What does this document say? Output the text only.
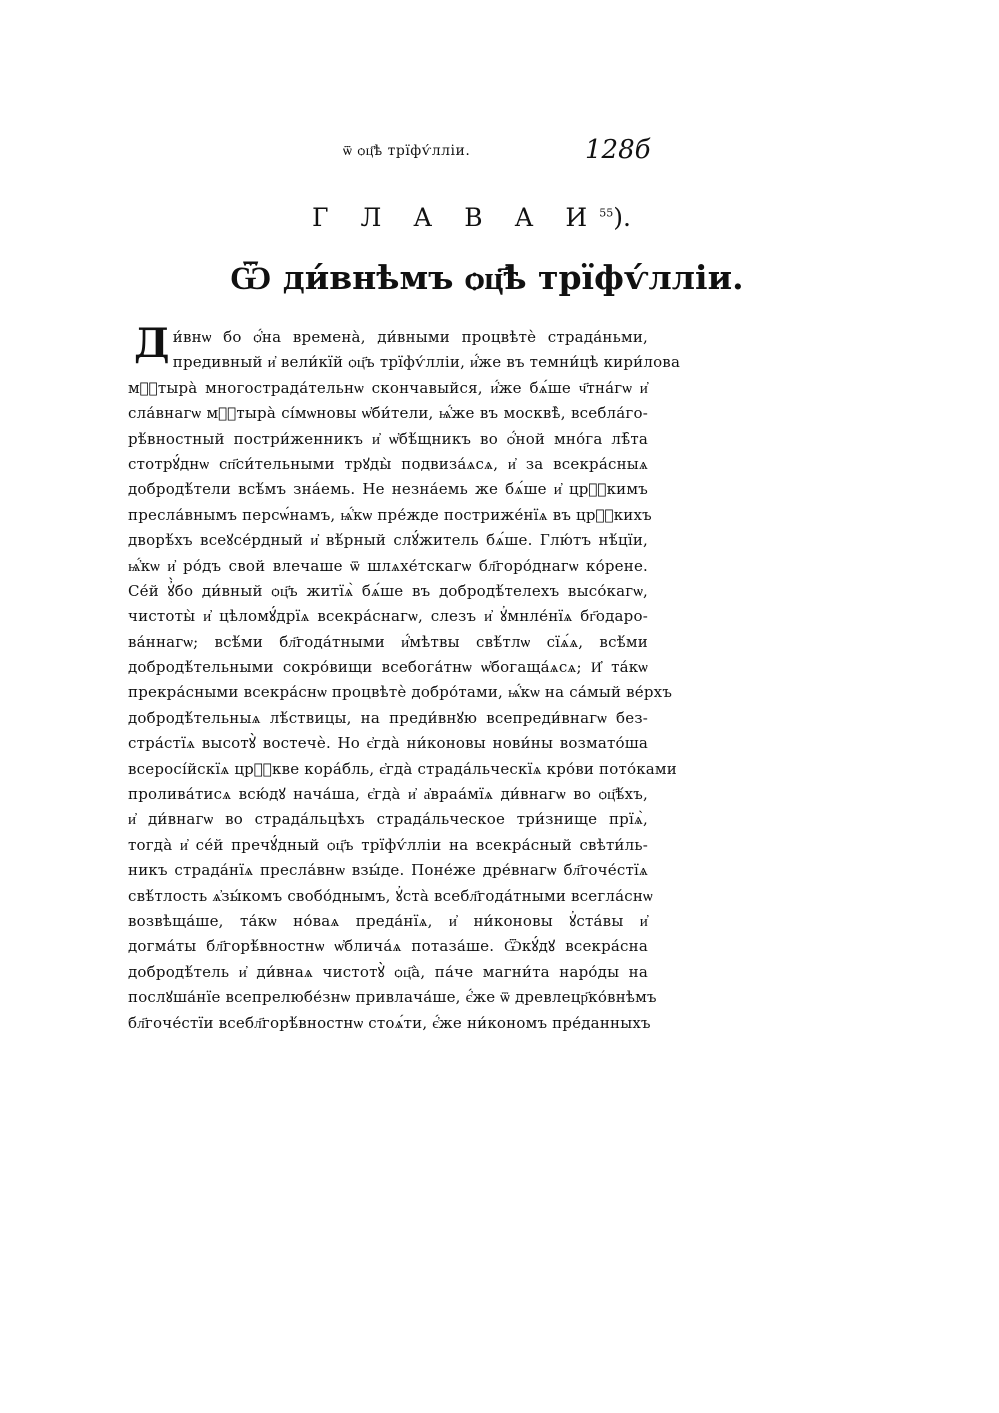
ѿ ѻц҃ѣ трїфѵ́лліи.	128б
Г Л А В А $И^{55}$).
Ѿ ди́внѣмъ ѻц҃ѣ трїфѵ́лліи.
Ди́внѡ бо ѻ҆́на времена̀, ди́вными процвѣтѐ страда́ньми,
предивный и҆ вели́кїй ѻц҃ъ трїфѵ́лліи, и҆́же въ темни́цѣ кири́лова
мⷭ҇тыра̀ многострада́тельнѡ скончавыйся, и҆́же бѧ́ше ч҃тна́гѡ и҆
сла́внагѡ мⷭ҇тыра̀ сі́мѡновы ѡ҆би́тели, ѩ҆́же въ москвѣ̀, всебла́го-
рѣ́вностный постри́женникъ и҆ ѡ҆бѣ́щникъ во ѻ҆́ной мно́га лѣ̑та
стотрꙋ́днѡ сп҃си́тельными трꙋды̀ подвиза́ѧсѧ, и҆ за всекра́сныѧ
добродѣ́тели всѣ́мъ зна́емь. Не незна́емь же бѧ́ше и҆ црⷭ҇кимъ
пресла́внымъ персѡ́намъ, ѩ҆́кѡ пре́жде постриже́нїѧ въ црⷭ҇кихъ
дворѣ́хъ всеꙋсе́рдный и҆ вѣ́рный слꙋ́житель бѧ́ше. Глю́тъ нѣ́цїи,
ѩ҆́кѡ и҆ ро́дъ свой влечаше ѿ шлѧхе́тскагѡ бл҃горо́днагѡ ко́рене.
Се́й ꙋ҆̀бо ди́вный ѻц҃ъ житїѧ̀ бѧ́ше въ добродѣ́телехъ высо́кагѡ,
чистоты̀ и҆ цѣломꙋ́дрїѧ всекра́снагѡ, слезъ и҆ ꙋ҆мнле́нїѧ бг҃одаро-
ва́ннагѡ; всѣ́ми бл҃года́тными и҆́мѣтвы свѣ́тлѡ сїѧ́ѧ, всѣ́ми
добродѣ́тельными сокро́вищи всебога́тнѡ ѡ҆богаща́ѧсѧ; И҆ та́кѡ
прекра́сными всекра́снѡ процвѣтѐ добро́тами, ѩ҆́кѡ на са́мый ве́рхъ
добродѣ́тельныѧ лѣ́ствицы, на преди́внꙋю всепреди́внагѡ без-
стра́стїѧ высотꙋ̀ востечѐ. Но є҆гда̀ ни́коновы нови́ны возмато́ша
всеросі́йскїѧ црⷭ҇кве кора́бль, є҆гда̀ страда́льческїѧ кро́ви пото́ками
пролива́тисѧ всю́дꙋ нача́ша, є҆гда̀ и҆ а҆враа́мїѧ ди́внагѡ во ѻц҃ѣ́хъ,
и҆ ди́внагѡ во страда́льцѣхъ страда́льческое три́знище прїѧ̀,
тогда̀ и҆ се́й пречꙋ́дный ѻц҃ъ трїфѵ́лліи на всекра́сный свѣти́ль-
никъ страда́нїѧ пресла́внѡ взы́де. Поне́же дре́внагѡ бл҃гоче́стїѧ
свѣ́тлость ѧ҆зы́комъ свобо́днымъ, ꙋ҆ста̀ всебл҃года́тными всегла́снѡ
возвѣща́ше, та́кѡ но́ваѧ преда́нїѧ, и҆ ни́коновы ꙋ҆ста́вы и҆
догма́ты бл҃горѣ́вностнѡ ѡ҆блича́ѧ потаза́ше. Ѿкꙋ́дꙋ всекра́сна
добродѣ́тель и҆ ди́внаѧ чистотꙋ̀ ѻц҃а̀, па́че магни́та наро́ды на
послꙋша́нїе всепрелюбе́знѡ привлача́ше, є҆́же ѿ древлецр҃ко́внѣмъ
бл҃гоче́стїи всебл҃горѣ́вностнѡ стоѧ́ти, є҆́же ни́кономъ пре́данныхъ
